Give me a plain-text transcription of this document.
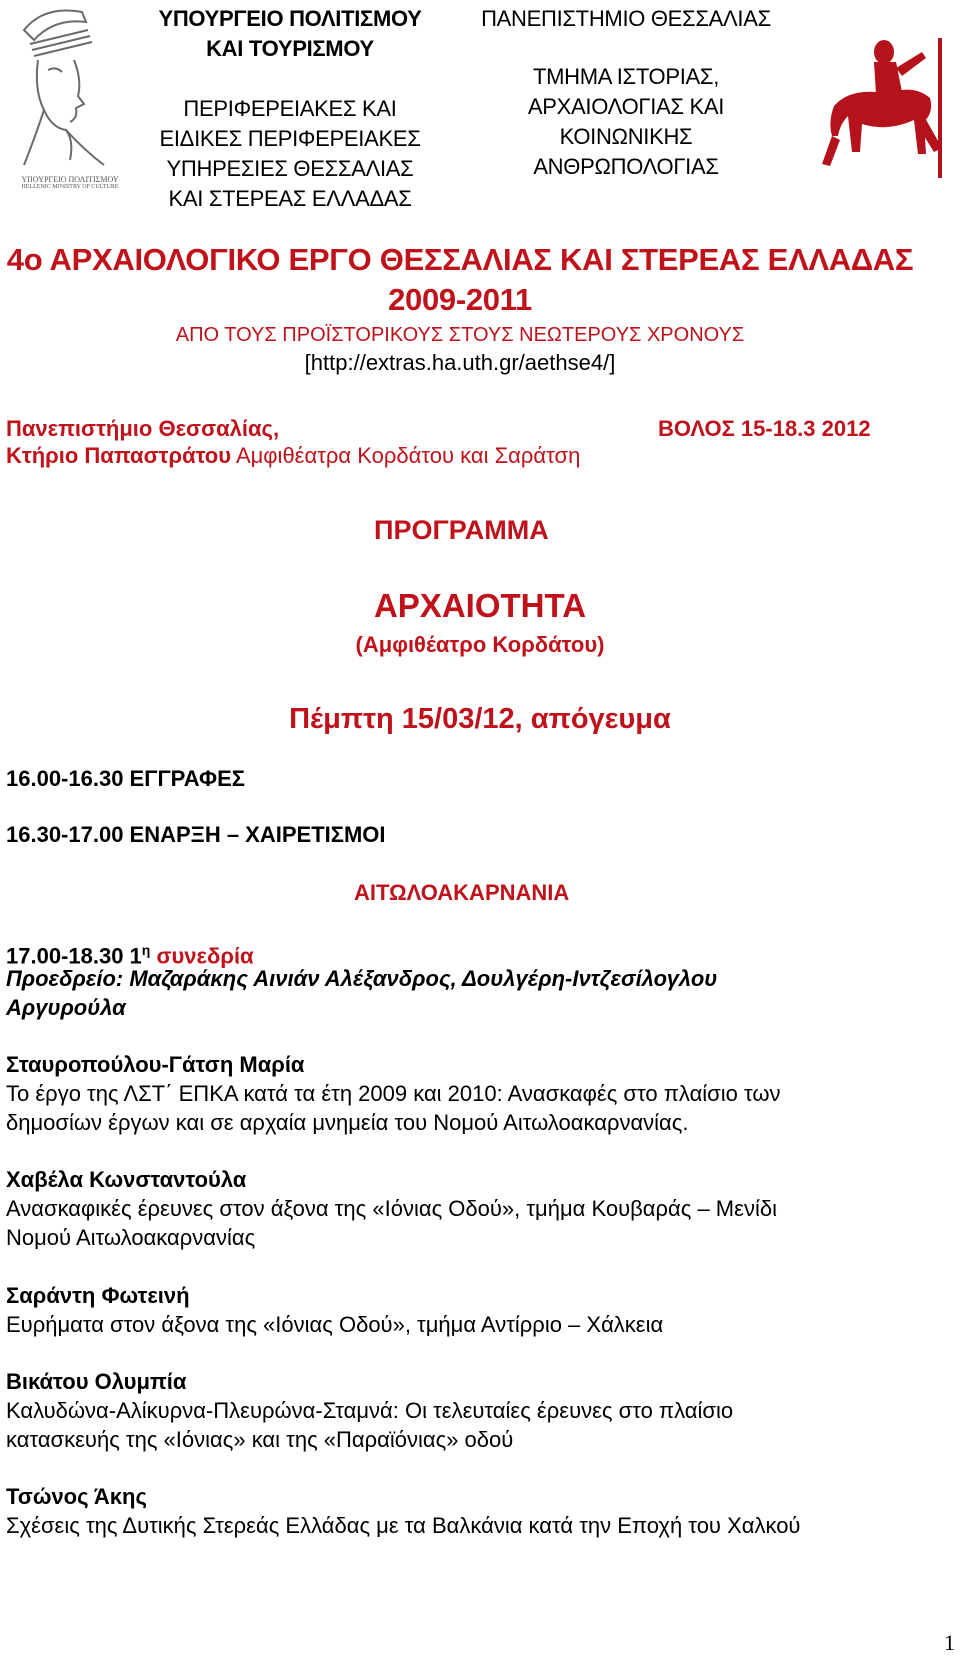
ΥΠΟΥΡΓΕΙΟ ΠΟΛΙΤΙΣΜΟΥ
HELLENIC MINISTRY OF CULTURE
ΥΠΟΥΡΓΕΙΟ ΠΟΛΙΤΙΣΜΟΥ
ΚΑΙ ΤΟΥΡΙΣΜΟΥ
ΠΕΡΙΦΕΡΕΙΑΚΕΣ ΚΑΙ
ΕΙΔΙΚΕΣ ΠΕΡΙΦΕΡΕΙΑΚΕΣ
ΥΠΗΡΕΣΙΕΣ ΘΕΣΣΑΛΙΑΣ
ΚΑΙ ΣΤΕΡΕΑΣ ΕΛΛΑΔΑΣ
ΠΑΝΕΠΙΣΤΗΜΙΟ ΘΕΣΣΑΛΙΑΣ
ΤΜΗΜΑ ΙΣΤΟΡΙΑΣ,
ΑΡΧΑΙΟΛΟΓΙΑΣ ΚΑΙ
ΚΟΙΝΩΝΙΚΗΣ
ΑΝΘΡΩΠΟΛΟΓΙΑΣ
4ο ΑΡΧΑΙΟΛΟΓΙΚΟ ΕΡΓΟ ΘΕΣΣΑΛΙΑΣ ΚΑΙ ΣΤΕΡΕΑΣ ΕΛΛΑΔΑΣ
2009-2011
ΑΠΟ ΤΟΥΣ ΠΡΟΪΣΤΟΡΙΚΟΥΣ ΣΤΟΥΣ ΝΕΩΤΕΡΟΥΣ ΧΡΟΝΟΥΣ
[http://extras.ha.uth.gr/aethse4/]
Πανεπιστήμιο Θεσσαλίας,	ΒΟΛΟΣ 15-18.3 2012
Κτήριο Παπαστράτου Αμφιθέατρα Κορδάτου και Σαράτση
ΠΡΟΓΡΑΜΜΑ
ΑΡΧΑΙΟΤΗΤΑ
(Αμφιθέατρο Κορδάτου)
Πέμπτη 15/03/12, απόγευμα
16.00-16.30 ΕΓΓΡΑΦΕΣ
16.30-17.00 ΕΝΑΡΞΗ – ΧΑΙΡΕΤΙΣΜΟΙ
ΑΙΤΩΛΟΑΚΑΡΝΑΝΙΑ
17.00-18.30 $1^\eta$ συνεδρία
Προεδρείο: Μαζαράκης Αινιάν Αλέξανδρος, Δουλγέρη-Ιντζεσίλογλου
Αργυρούλα
Σταυροπούλου-Γάτση Μαρία
Το έργο της ΛΣΤ΄ ΕΠΚΑ κατά τα έτη 2009 και 2010: Ανασκαφές στο πλαίσιο των
δημοσίων έργων και σε αρχαία μνημεία του Νομού Αιτωλοακαρνανίας.
Χαβέλα Κωνσταντούλα
Ανασκαφικές έρευνες στον άξονα της «Ιόνιας Οδού», τμήμα Κουβαράς – Μενίδι
Νομού Αιτωλοακαρνανίας
Σαράντη Φωτεινή
Ευρήματα στον άξονα της «Ιόνιας Οδού», τμήμα Αντίρριο – Χάλκεια
Βικάτου Ολυμπία
Καλυδώνα-Αλίκυρνα-Πλευρώνα-Σταμνά: Οι τελευταίες έρευνες στο πλαίσιο
κατασκευής της «Ιόνιας» και της «Παραϊόνιας» οδού
Τσώνος Άκης
Σχέσεις της Δυτικής Στερεάς Ελλάδας με τα Βαλκάνια κατά την Εποχή του Χαλκού
1
